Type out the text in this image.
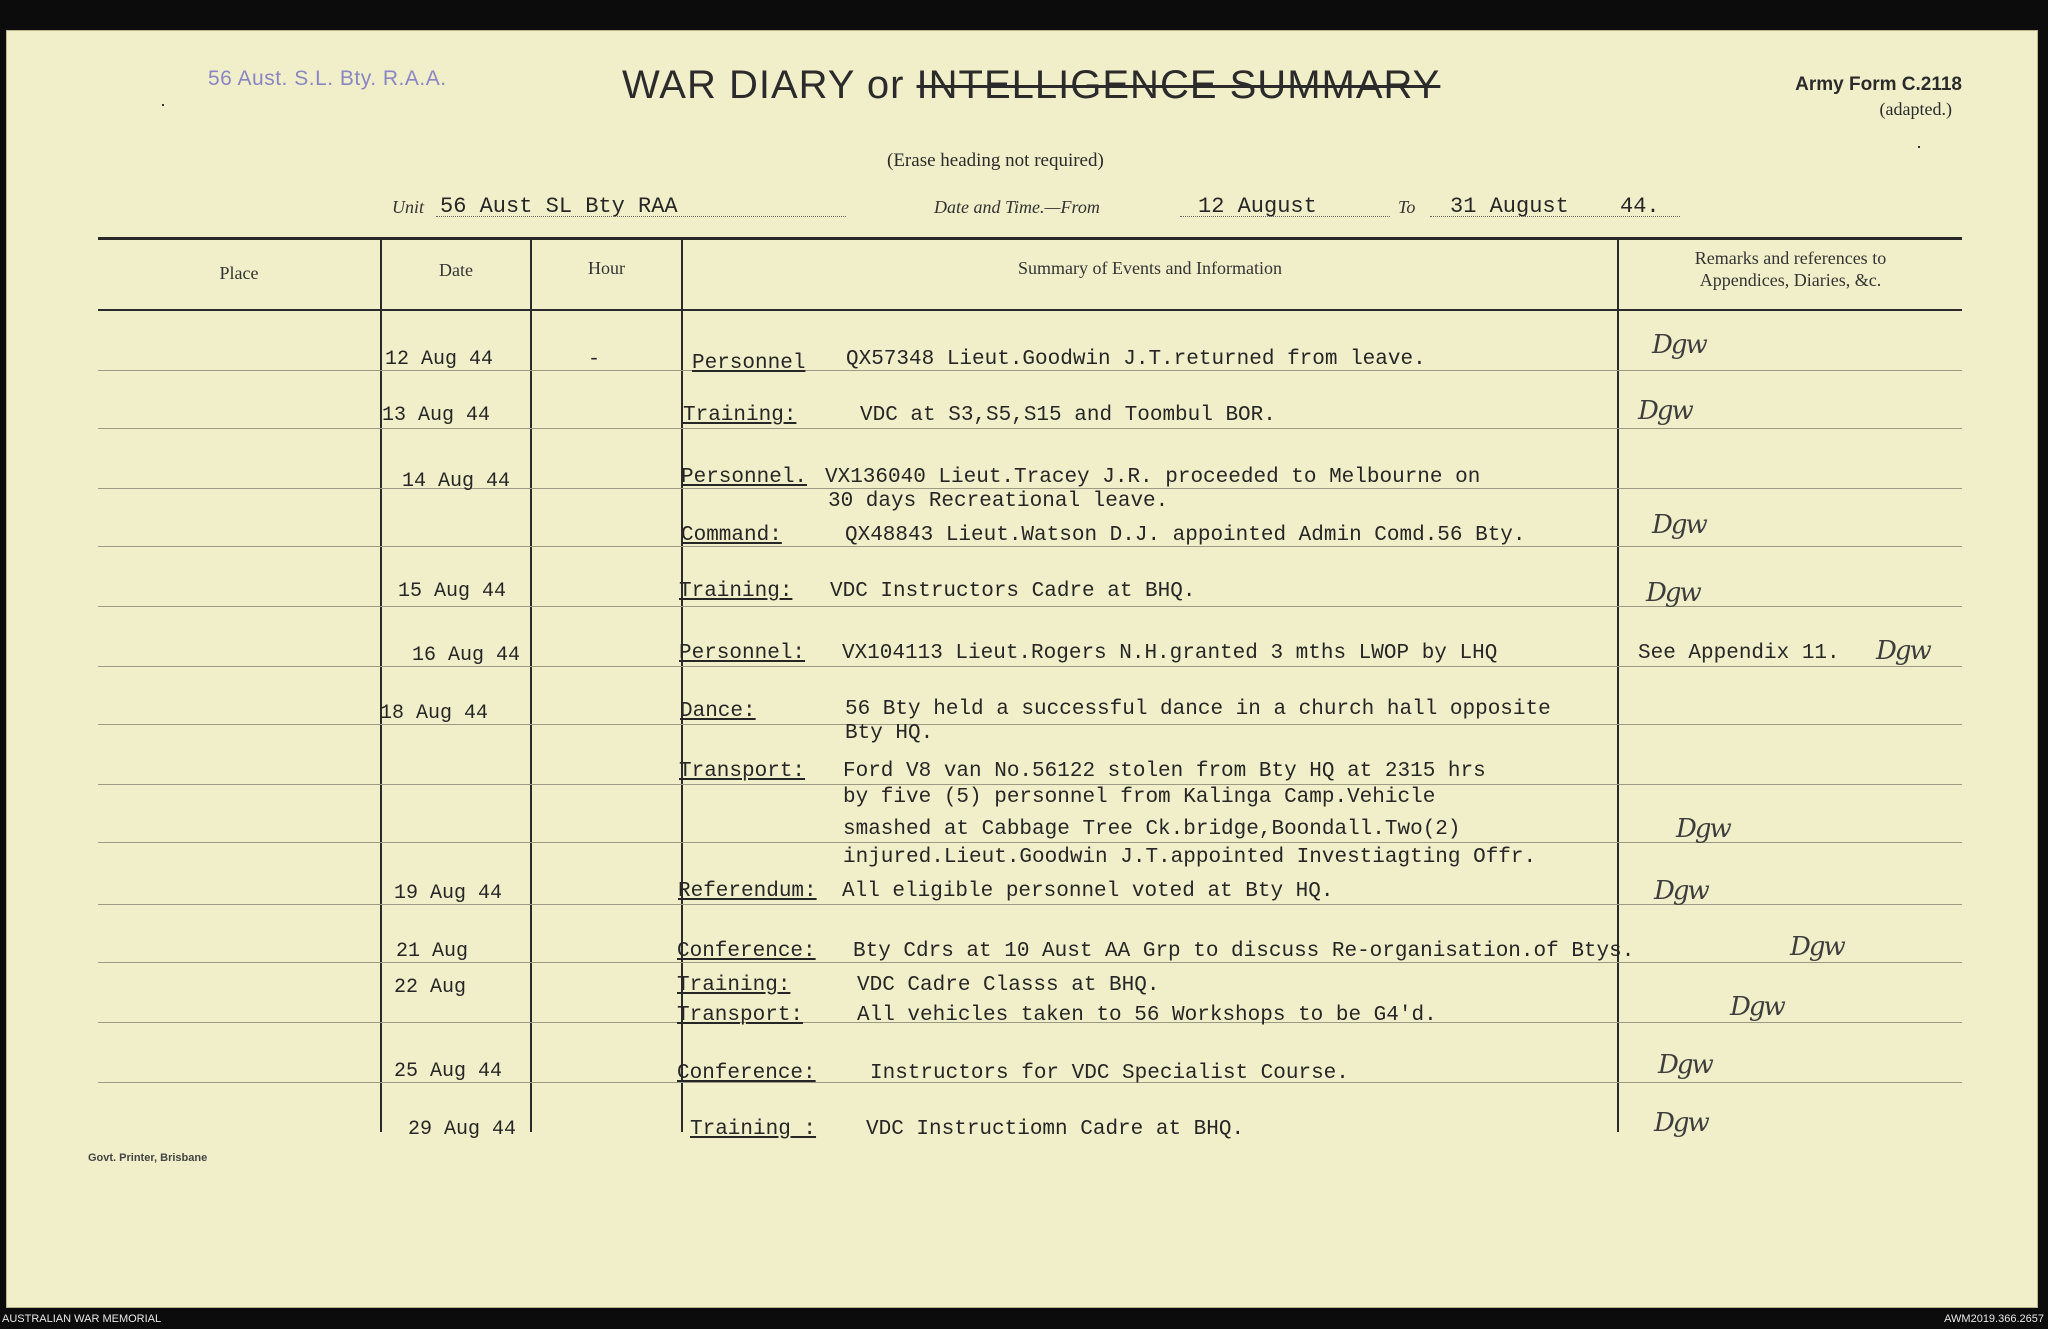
56 Aust. S.L. Bty. R.A.A.	WAR DIARY or INTELLIGENCE SUMMARY
(Erase heading not required)
Army Form C.2118
(adapted.)
Unit 56 Aust SL Bty RAA	Date and Time.—From	12 August	To 31 August 44.
Place	Date	Hour	Summary of Events and Information	Remarks and references to
Appendices, Diaries, &c.
12 Aug 44	-	Personnel QX57348 Lieut.Goodwin J.T.returned from leave.	Dgw
13 Aug 44	Training:	VDC at S3,S5,S15 and Toombul BOR.	Dgw
14 Aug 44	Personnel. VX136040 Lieut.Tracey J.R. proceeded to Melbourne on
30 days Recreational leave.
Command:	QX48843 Lieut.Watson D.J. appointed Admin Comd.56 Bty.	Dgw
15 Aug 44	Training: VDC Instructors Cadre at BHQ.	Dgw
16 Aug 44	Personnel: VX104113 Lieut.Rogers N.H.granted 3 mths LWOP by LHQ	See Appendix 11. Dgw
18 Aug 44	Dance:	56 Bty held a successful dance in a church hall opposite
Bty HQ.
Transport: Ford V8 van No.56122 stolen from Bty HQ at 2315 hrs
by five (5) personnel from Kalinga Camp.Vehicle
smashed at Cabbage Tree Ck.bridge,Boondall.Two(2)
injured.Lieut.Goodwin J.T.appointed Investiagting Offr.
Dgw
19 Aug 44	Referendum: All eligible personnel voted at Bty HQ.	Dgw
21 Aug	Conference: Bty Cdrs at 10 Aust AA Grp to discuss Re-organisation.of Btys.	Dgw
22 Aug	Training:	VDC Cadre Classs at BHQ.
Transport:	All vehicles taken to 56 Workshops to be G4'd.	Dgw
25 Aug 44	Conference:	Instructors for VDC Specialist Course.	Dgw
29 Aug 44	Training : VDC Instructiomn Cadre at BHQ.	Dgw
Govt. Printer, Brisbane
AUSTRALIAN WAR MEMORIAL	AWM2019.366.2657
